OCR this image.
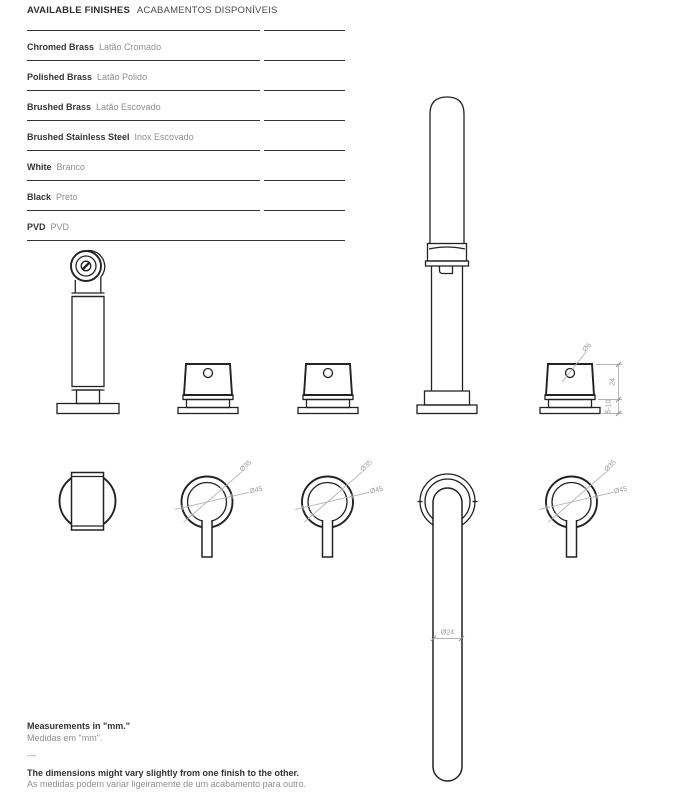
AVAILABLE FINISHES ACABAMENTOS DISPONÍVEIS
Chromed Brass Latão Cromado
Polished Brass Latão Polido
Brushed Brass Latão Escovado
Brushed Stainless Steel Inox Escovado
White Branco
Black Preto
PVD PVD
Ø6
24
5-10
Ø35
Ø45
Ø35
Ø45
Ø24
Ø35
Ø45
Measurements in "mm."
Medidas em "mm".
—
The dimensions might vary slightly from one finish to the other.
As medidas podem variar ligeiramente de um acabamento para outro.
